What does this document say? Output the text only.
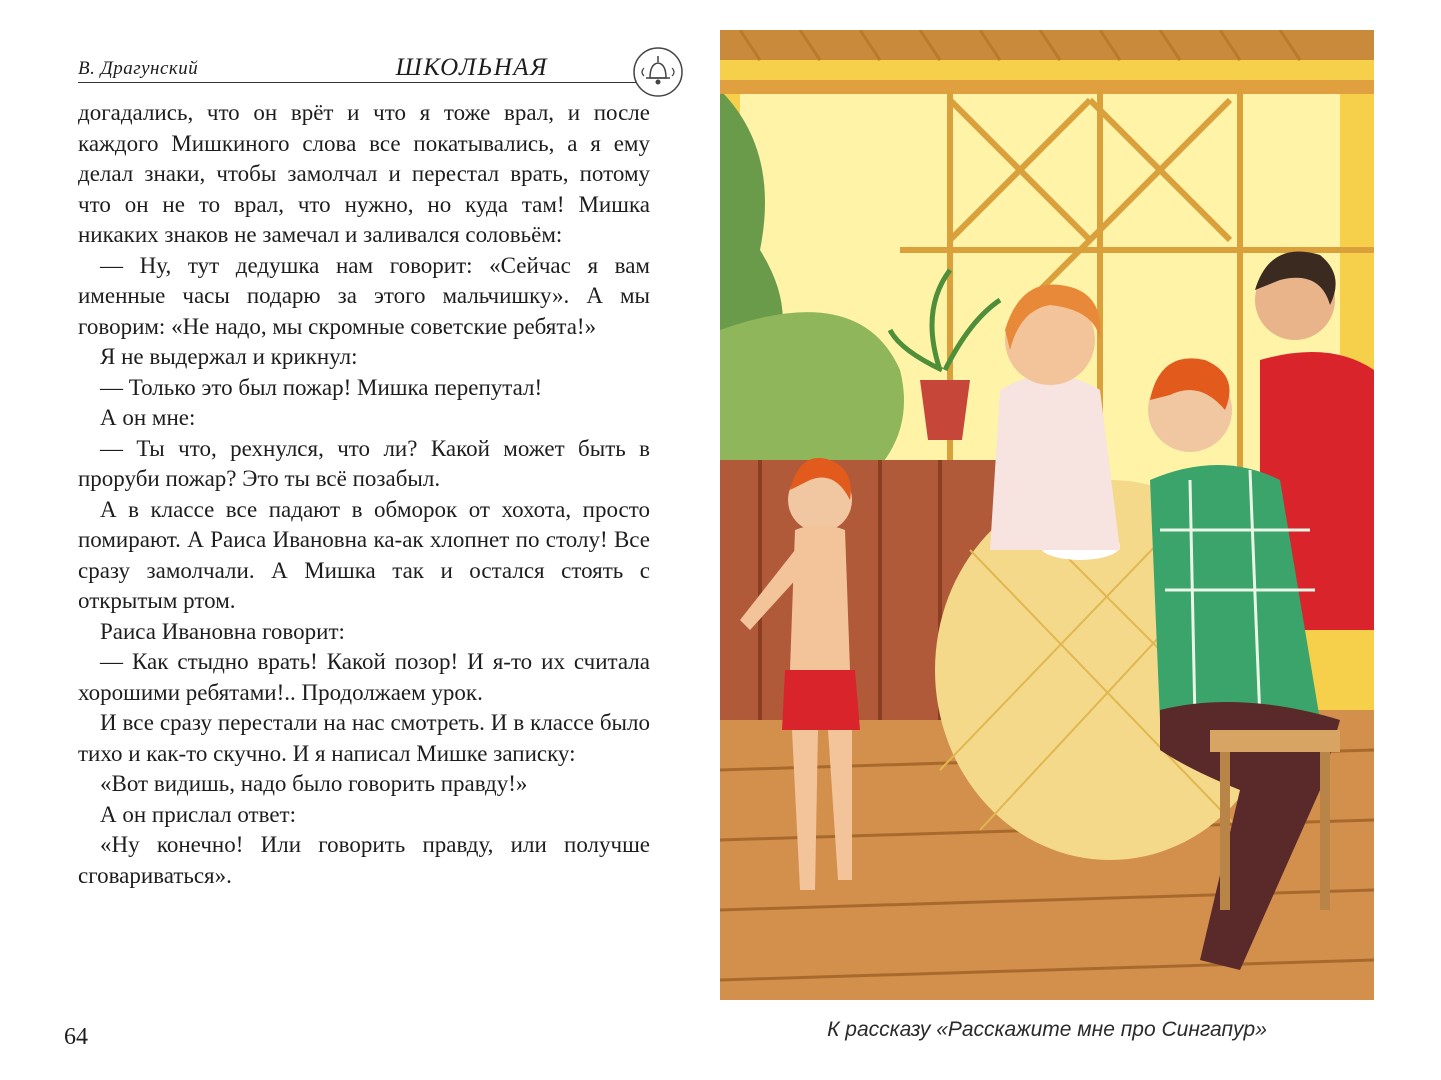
В. Драгунский	ШКОЛЬНАЯ

догадались, что он врёт и что я тоже врал, и после каждого Мишкиного слова все покатывались, а я ему делал знаки, чтобы замолчал и перестал врать, потому что он не то врал, что нужно, но куда там! Мишка никаких знаков не замечал и заливался соловьём:

— Ну, тут дедушка нам говорит: «Сейчас я вам именные часы подарю за этого мальчишку». А мы говорим: «Не надо, мы скромные советские ребята!»

Я не выдержал и крикнул:

— Только это был пожар! Мишка перепутал!

А он мне:

— Ты что, рехнулся, что ли? Какой может быть в проруби пожар? Это ты всё позабыл.

А в классе все падают в обморок от хохота, просто помирают. А Раиса Ивановна ка-ак хлопнет по столу! Все сразу замолчали. А Мишка так и остался стоять с открытым ртом.

Раиса Ивановна говорит:

— Как стыдно врать! Какой позор! И я-то их считала хорошими ребятами!.. Продолжаем урок.

И все сразу перестали на нас смотреть. И в классе было тихо и как-то скучно. И я написал Мишке записку:

«Вот видишь, надо было говорить правду!»

А он прислал ответ:

«Ну конечно! Или говорить правду, или получше сговариваться».

64	К рассказу «Расскажите мне про Сингапур»
